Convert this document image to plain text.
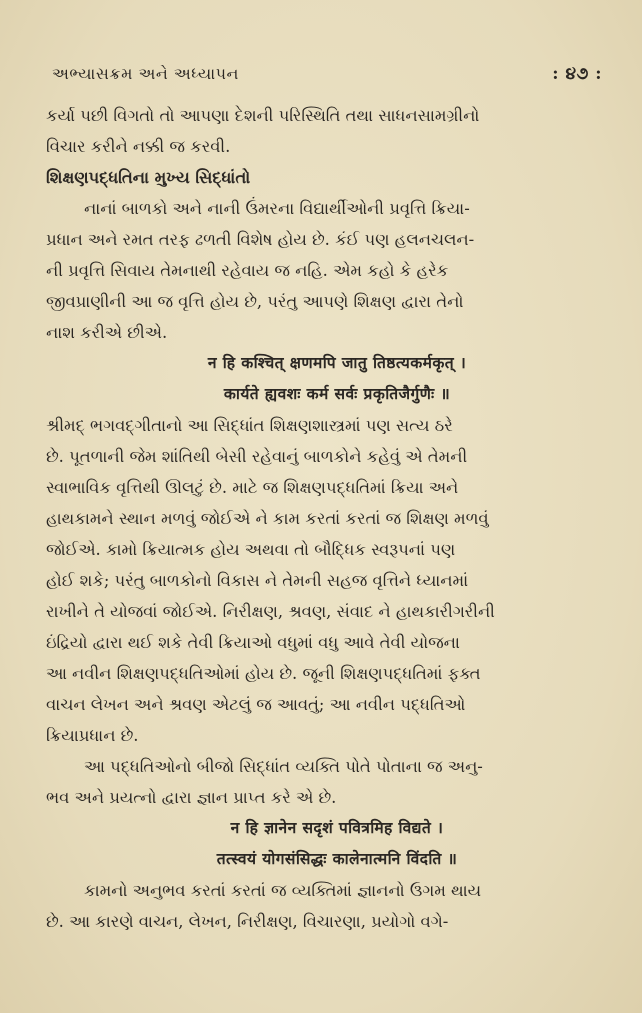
અભ્યાસક્રમ અને અધ્યાપન	: ૪૭ :
કર્યા પછી વિગતો તો આપણા દેશની પરિસ્થિતિ તથા સાધનસામગ્રીનો
વિચાર કરીને નક્કી જ કરવી.
શિક્ષણપદ્ધતિના મુખ્ય સિદ્ધાંતો
નાનાં બાળકો અને નાની ઉંમરના વિદ્યાર્થીઓની પ્રવૃત્તિ ક્રિયા-
પ્રધાન અને રમત તરફ ઢળતી વિશેષ હોય છે. કંઈ પણ હલનચલન-
ની પ્રવૃત્તિ સિવાય તેમનાથી રહેવાય જ નહિ. એમ કહો કે હરેક
જીવપ્રાણીની આ જ વૃત્તિ હોય છે, પરંતુ આપણે શિક્ષણ દ્વારા તેનો
નાશ કરીએ છીએ.
न हि कश्चित् क्षणमपि जातु तिष्ठत्यकर्मकृत् ।
कार्यते ह्यवशः कर्म सर्वः प्रकृतिजैर्गुणैः ॥
શ્રીમદ્ ભગવદ્ગીતાનો આ સિદ્ધાંત શિક્ષણશાસ્ત્રમાં પણ સત્ય ઠરે
છે. પૂતળાની જેમ શાંતિથી બેસી રહેવાનું બાળકોને કહેવું એ તેમની
સ્વાભાવિક વૃત્તિથી ઊલટું છે. માટે જ શિક્ષણપદ્ધતિમાં ક્રિયા અને
હાથકામને સ્થાન મળવું જોઈએ ને કામ કરતાં કરતાં જ શિક્ષણ મળવું
જોઈએ. કામો ક્રિયાત્મક હોય અથવા તો બૌદ્ધિક સ્વરૂપનાં પણ
હોઈ શકે; પરંતુ બાળકોનો વિકાસ ને તેમની સહજ વૃત્તિને ધ્યાનમાં
રાખીને તે યોજવાં જોઈએ. નિરીક્ષણ, શ્રવણ, સંવાદ ને હાથકારીગરીની
ઇંદ્રિયો દ્વારા થઈ શકે તેવી ક્રિયાઓ વધુમાં વધુ આવે તેવી યોજના
આ નવીન શિક્ષણપદ્ધતિઓમાં હોય છે. જૂની શિક્ષણપદ્ધતિમાં ફક્ત
વાચન લેખન અને શ્રવણ એટલું જ આવતું; આ નવીન પદ્ધતિઓ
ક્રિયાપ્રધાન છે.
આ પદ્ધતિઓનો બીજો સિદ્ધાંત વ્યક્તિ પોતે પોતાના જ અનુ-
ભવ અને પ્રયત્નો દ્વારા જ્ઞાન પ્રાપ્ત કરે એ છે.
न हि ज्ञानेन सदृशं पवित्रमिह विद्यते ।
तत्स्वयं योगसंसिद्धः कालेनात्मनि विंदति ॥
કામનો અનુભવ કરતાં કરતાં જ વ્યક્તિમાં જ્ઞાનનો ઉગમ થાય
છે. આ કારણે વાચન, લેખન, નિરીક્ષણ, વિચારણા, પ્રયોગો વગે-
